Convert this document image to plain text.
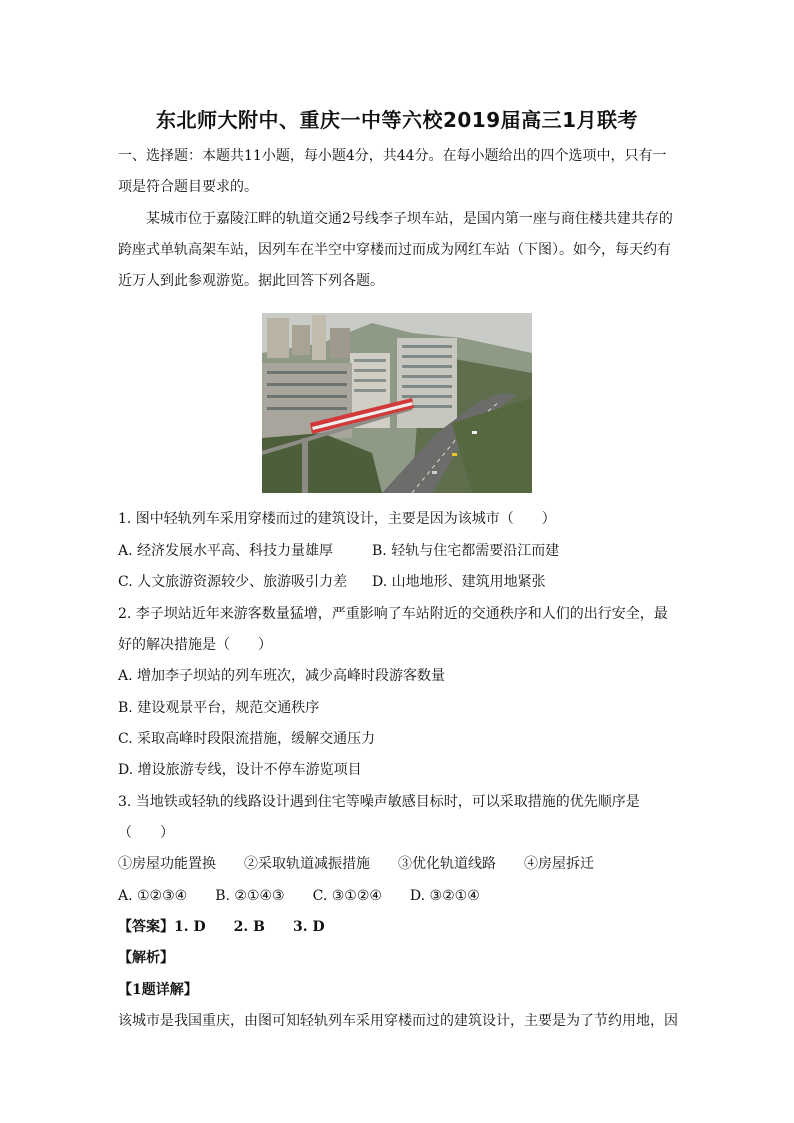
东北师大附中、重庆一中等六校2019届高三1月联考
一、选择题：本题共11小题，每小题4分，共44分。在每小题给出的四个选项中，只有一
项是符合题目要求的。
某城市位于嘉陵江畔的轨道交通2号线李子坝车站，是国内第一座与商住楼共建共存的
跨座式单轨高架车站，因列车在半空中穿楼而过而成为网红车站（下图）。如今，每天约有
近万人到此参观游览。据此回答下列各题。
1. 图中轻轨列车采用穿楼而过的建筑设计，主要是因为该城市（　　）
A. 经济发展水平高、科技力量雄厚	B. 轻轨与住宅都需要沿江而建
C. 人文旅游资源较少、旅游吸引力差 D. 山地地形、建筑用地紧张
2. 李子坝站近年来游客数量猛增，严重影响了车站附近的交通秩序和人们的出行安全，最
好的解决措施是（　　）
A. 增加李子坝站的列车班次，减少高峰时段游客数量
B. 建设观景平台，规范交通秩序
C. 采取高峰时段限流措施，缓解交通压力
D. 增设旅游专线，设计不停车游览项目
3. 当地铁或轻轨的线路设计遇到住宅等噪声敏感目标时，可以采取措施的优先顺序是
（　　）
①房屋功能置换　　②采取轨道减振措施　　③优化轨道线路　　④房屋拆迁
A. ①②③④　　B. ②①④③　　C. ③①②④　　D. ③②①④
【答案】1. D　　2. B　　3. D
【解析】
【1题详解】
该城市是我国重庆，由图可知轻轨列车采用穿楼而过的建筑设计，主要是为了节约用地，因
